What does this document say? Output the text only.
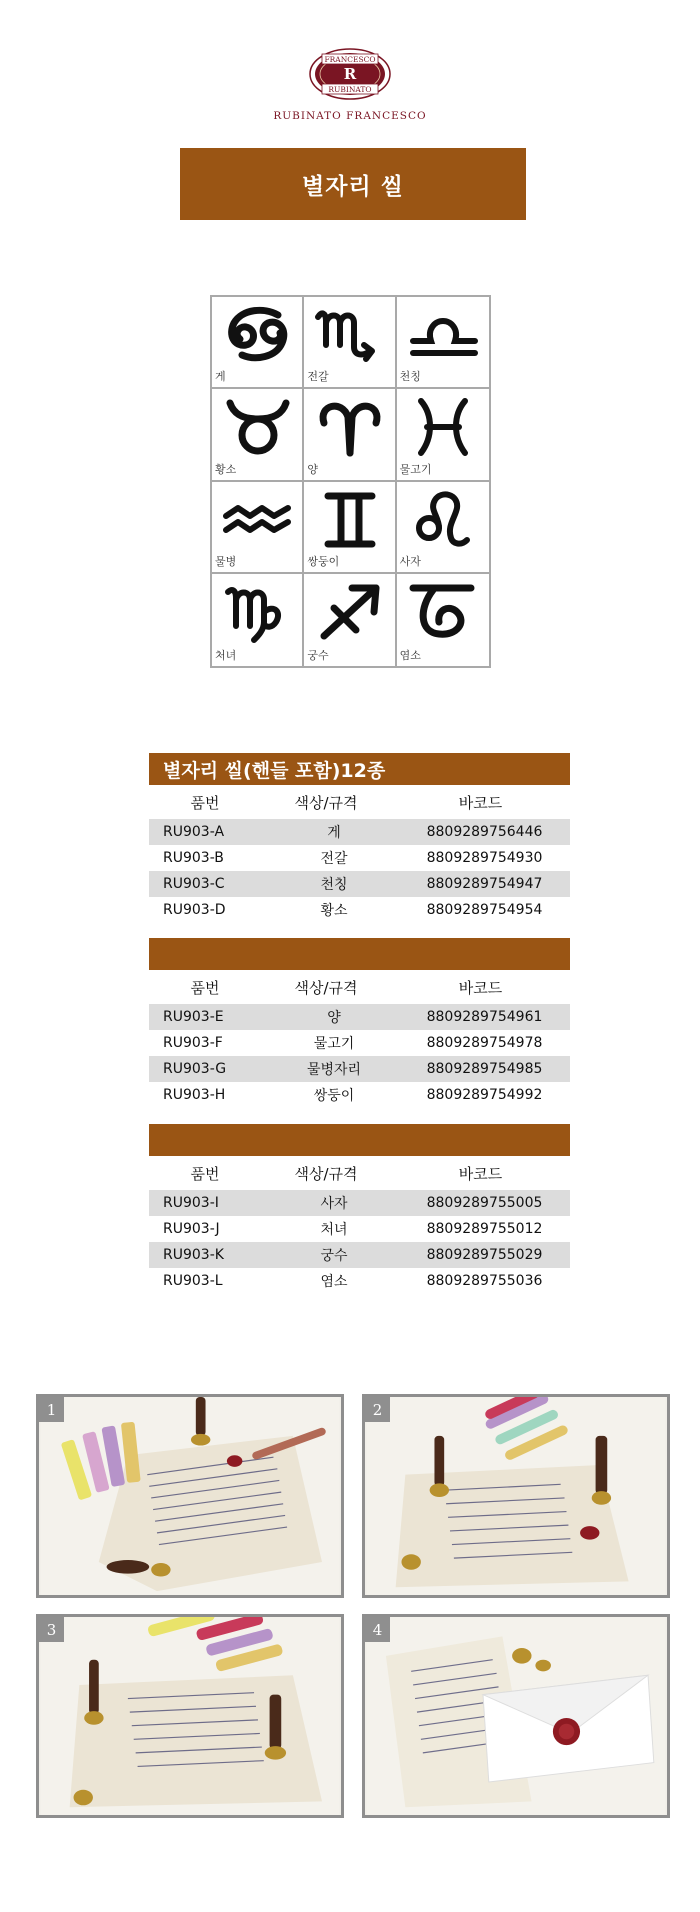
FRANCESCO
RUBINATO
R
RUBINATO FRANCESCO
별자리 씰
게	전갈	천칭
황소	양	물고기
물병	쌍둥이	사자
처녀	궁수	염소
별자리 씰(핸들 포함)12종
품번	색상/규격	바코드
RU903-A	게	8809289756446
RU903-B	전갈	8809289754930
RU903-C	천칭	8809289754947
RU903-D	황소	8809289754954
품번	색상/규격	바코드
RU903-E	양	8809289754961
RU903-F	물고기	8809289754978
RU903-G	물병자리	8809289754985
RU903-H	쌍둥이	8809289754992
품번	색상/규격	바코드
RU903-I	사자	8809289755005
RU903-J	처녀	8809289755012
RU903-K	궁수	8809289755029
RU903-L	염소	8809289755036
1	2
3	4
